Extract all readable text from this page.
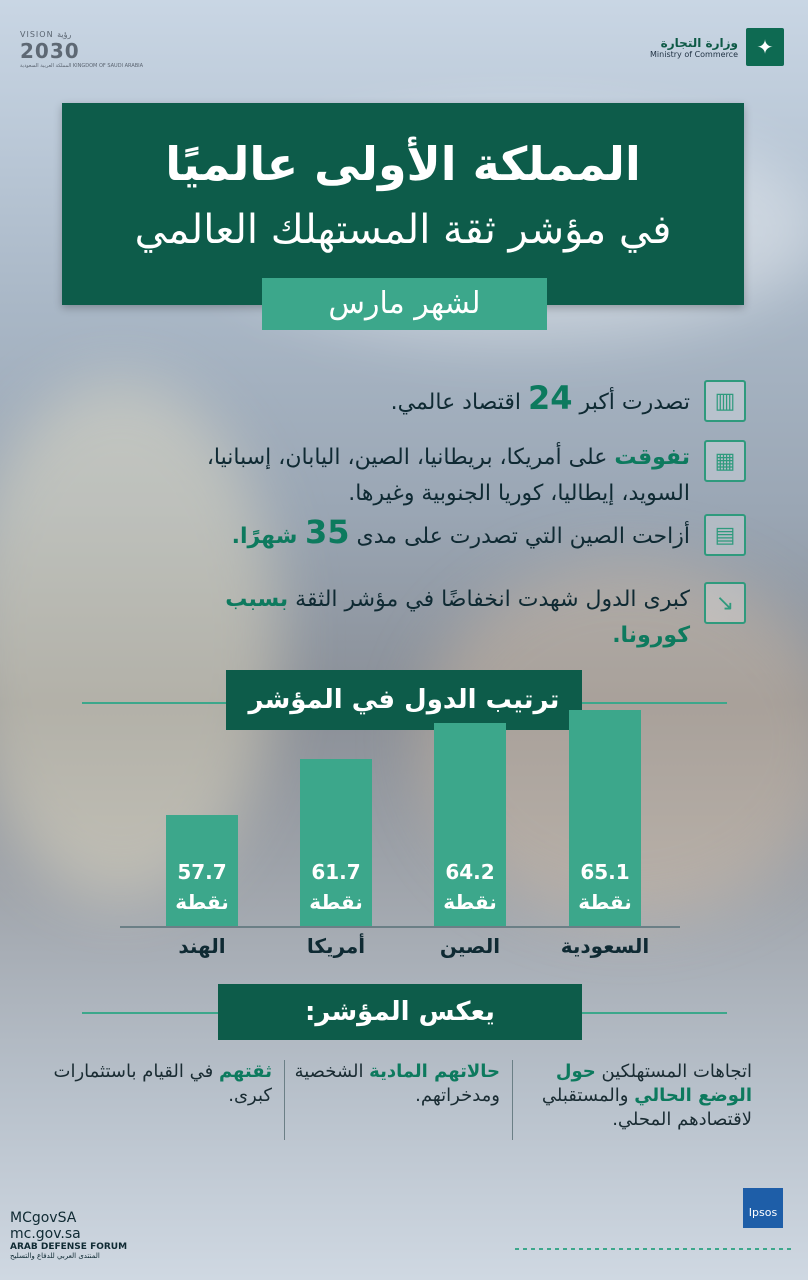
وزارة التجارة
Ministry of Commerce ✦
VISION رؤية
2030
المملكة العربية السعودية KINGDOM OF SAUDI ARABIA
المملكة الأولى عالميًا
في مؤشر ثقة المستهلك العالمي
لشهر مارس
▥
تصدرت أكبر 24 اقتصاد عالمي.
▦
تفوقت على أمريكا، بريطانيا، الصين، اليابان، إسبانيا،
السويد، إيطاليا، كوريا الجنوبية وغيرها.
▤
أزاحت الصين التي تصدرت على مدى 35 شهرًا.
↘
كبرى الدول شهدت انخفاضًا في مؤشر الثقة بسبب
كورونا.
ترتيب الدول في المؤشر
65.1
نقطة
السعودية
64.2
نقطة
الصين
61.7
نقطة
أمريكا
57.7
نقطة
الهند
يعكس المؤشر:
اتجاهات المستهلكين حول الوضع الحالي والمستقبلي لاقتصادهم المحلي.
حالاتهم المادية الشخصية ومدخراتهم.
ثقتهم في القيام باستثمارات كبرى.
MCgovSA
mc.gov.sa
ARAB DEFENSE FORUM
المنتدى العربي للدفاع والتسليح
Ipsos
